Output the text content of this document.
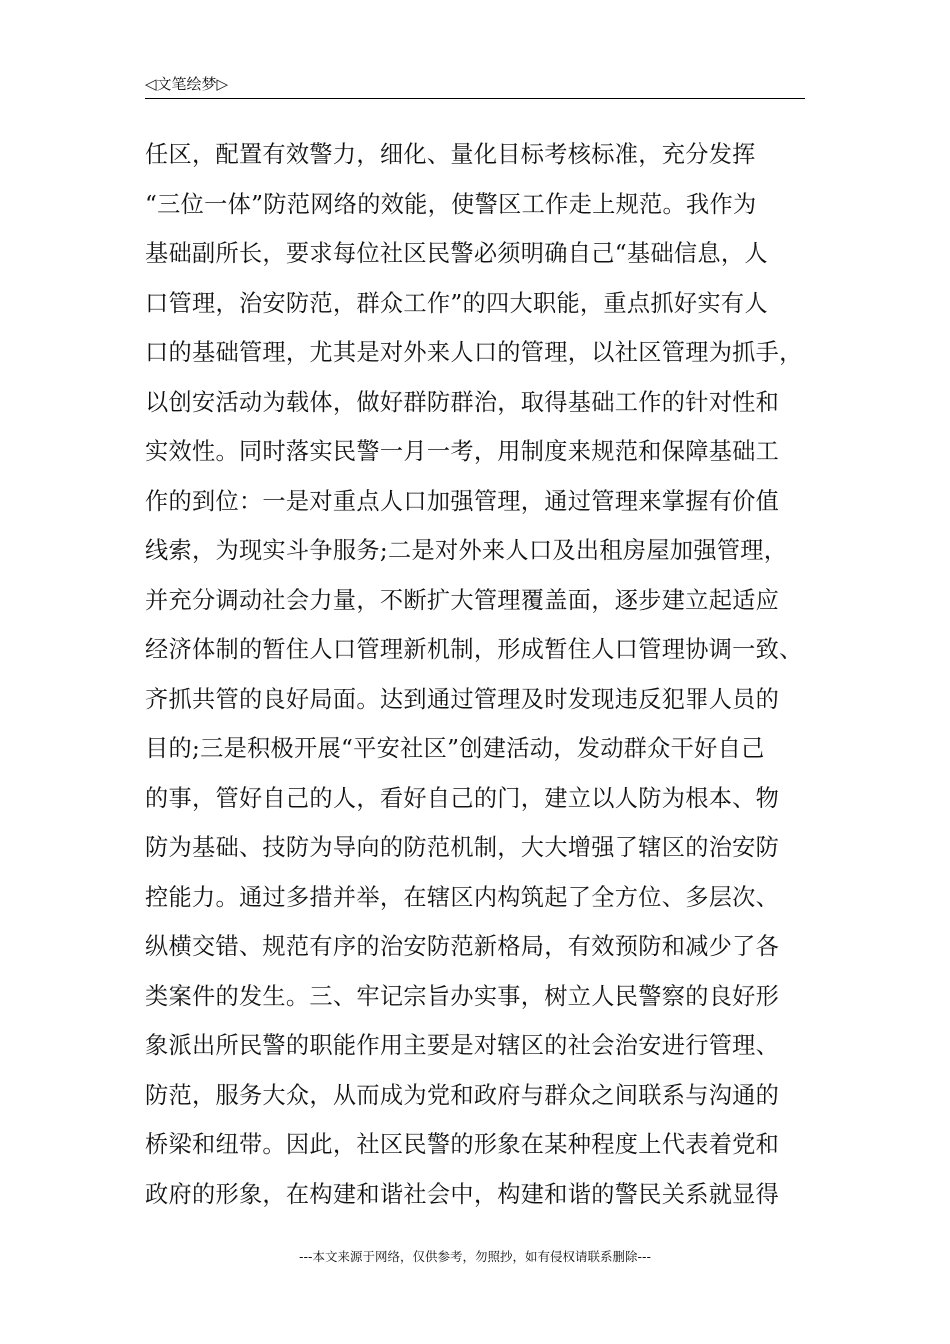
◁文笔绘梦▷
任区，配置有效警力，细化、量化目标考核标准，充分发挥
“三位一体”防范网络的效能，使警区工作走上规范。我作为
基础副所长，要求每位社区民警必须明确自己“基础信息，人
口管理，治安防范，群众工作”的四大职能，重点抓好实有人
口的基础管理，尤其是对外来人口的管理，以社区管理为抓手，
以创安活动为载体，做好群防群治，取得基础工作的针对性和
实效性。同时落实民警一月一考，用制度来规范和保障基础工
作的到位：一是对重点人口加强管理，通过管理来掌握有价值
线索，为现实斗争服务;二是对外来人口及出租房屋加强管理，
并充分调动社会力量，不断扩大管理覆盖面，逐步建立起适应
经济体制的暂住人口管理新机制，形成暂住人口管理协调一致、
齐抓共管的良好局面。达到通过管理及时发现违反犯罪人员的
目的;三是积极开展“平安社区”创建活动，发动群众干好自己
的事，管好自己的人，看好自己的门，建立以人防为根本、物
防为基础、技防为导向的防范机制，大大增强了辖区的治安防
控能力。通过多措并举，在辖区内构筑起了全方位、多层次、
纵横交错、规范有序的治安防范新格局，有效预防和减少了各
类案件的发生。三、牢记宗旨办实事，树立人民警察的良好形
象派出所民警的职能作用主要是对辖区的社会治安进行管理、
防范，服务大众，从而成为党和政府与群众之间联系与沟通的
桥梁和纽带。因此，社区民警的形象在某种程度上代表着党和
政府的形象，在构建和谐社会中，构建和谐的警民关系就显得
---本文来源于网络，仅供参考，勿照抄，如有侵权请联系删除---
